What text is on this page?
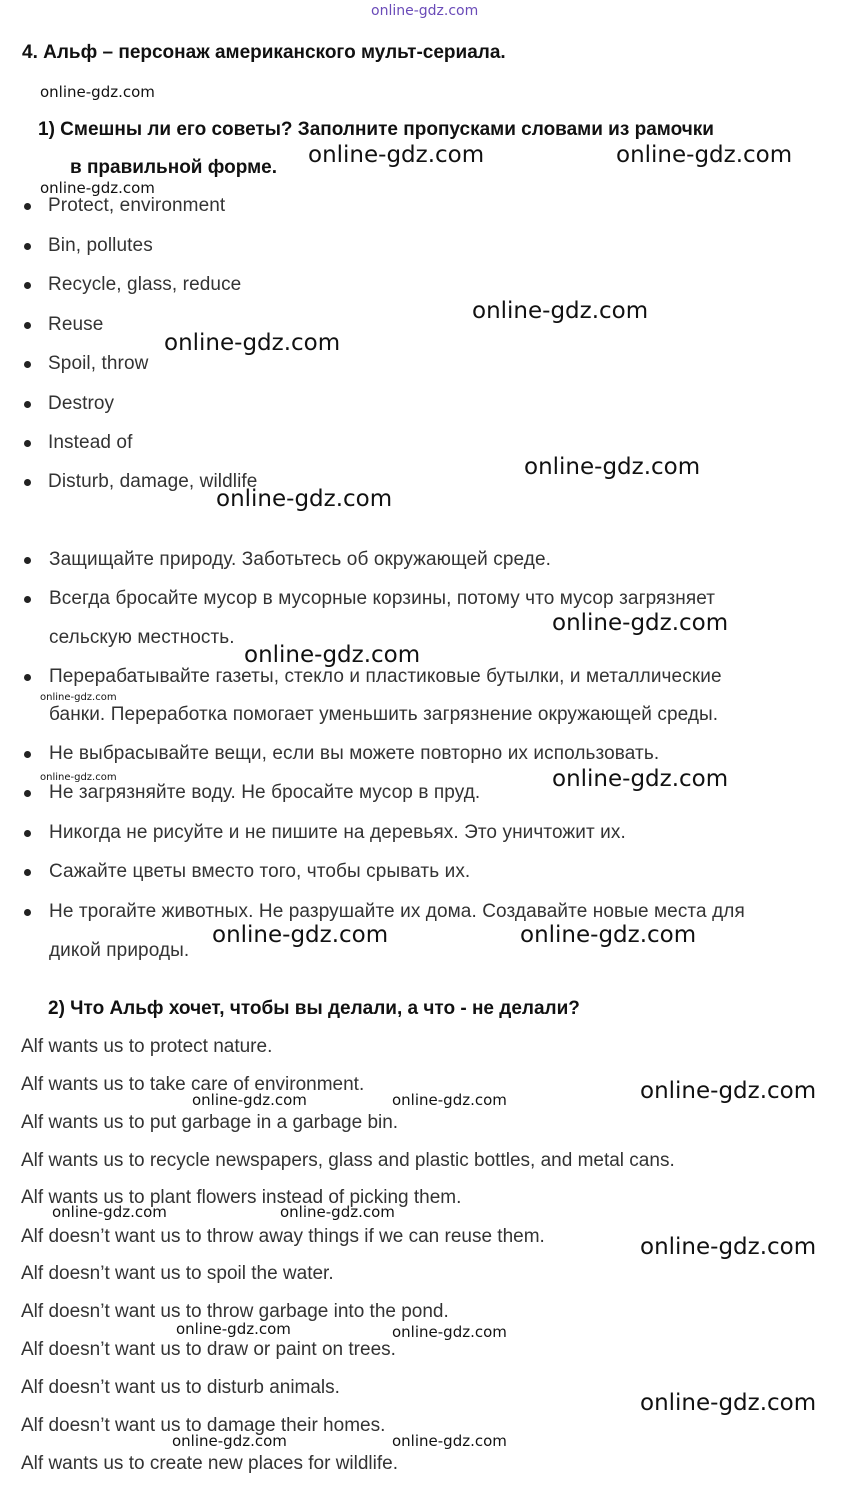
online-gdz.com
4. Альф – персонаж американского мульт-сериала.
1) Смешны ли его советы? Заполните пропусками словами из рамочки
в правильной форме.
Protect, environment
Bin, pollutes
Recycle, glass, reduce
Reuse
Spoil, throw
Destroy
Instead of
Disturb, damage, wildlife
Защищайте природу. Заботьтесь об окружающей среде.
Всегда бросайте мусор в мусорные корзины, потому что мусор загрязняет
сельскую местность.
Перерабатывайте газеты, стекло и пластиковые бутылки, и металлические
банки. Переработка помогает уменьшить загрязнение окружающей среды.
Не выбрасывайте вещи, если вы можете повторно их использовать.
Не загрязняйте воду. Не бросайте мусор в пруд.
Никогда не рисуйте и не пишите на деревьях. Это уничтожит их.
Сажайте цветы вместо того, чтобы срывать их.
Не трогайте животных. Не разрушайте их дома. Создавайте новые места для
дикой природы.
2) Что Альф хочет, чтобы вы делали, а что - не делали?
Alf wants us to protect nature.
Alf wants us to take care of environment.
Alf wants us to put garbage in a garbage bin.
Alf wants us to recycle newspapers, glass and plastic bottles, and metal cans.
Alf wants us to plant flowers instead of picking them.
Alf doesn’t want us to throw away things if we can reuse them.
Alf doesn’t want us to spoil the water.
Alf doesn’t want us to throw garbage into the pond.
Alf doesn’t want us to draw or paint on trees.
Alf doesn’t want us to disturb animals.
Alf doesn’t want us to damage their homes.
Alf wants us to create new places for wildlife.
online-gdz.com
online-gdz.com	online-gdz.com
online-gdz.com
online-gdz.com
online-gdz.com
online-gdz.com
online-gdz.com
online-gdz.com
online-gdz.com
online-gdz.com
online-gdz.com	online-gdz.com
online-gdz.com	online-gdz.com
online-gdz.com
online-gdz.com	online-gdz.com
online-gdz.com	online-gdz.com
online-gdz.com
online-gdz.com	online-gdz.com
online-gdz.com
online-gdz.com	online-gdz.com
